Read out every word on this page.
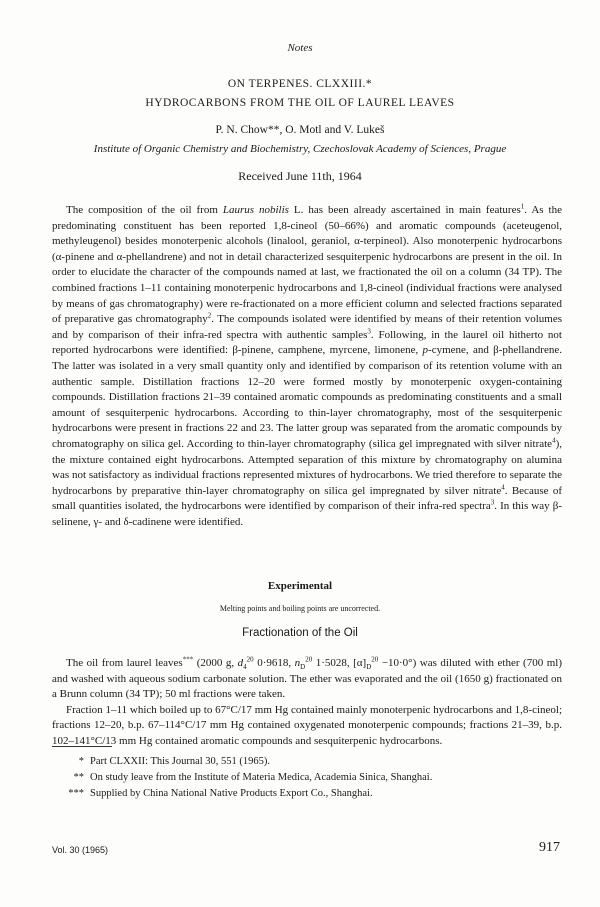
Notes
ON TERPENES. CLXXIII.*
HYDROCARBONS FROM THE OIL OF LAUREL LEAVES
P. N. Chow**, O. Motl and V. Lukeš
Institute of Organic Chemistry and Biochemistry, Czechoslovak Academy of Sciences, Prague
Received June 11th, 1964

The composition of the oil from Laurus nobilis L. has been already ascertained in main features$^1$. As the predominating constituent has been reported 1,8-cineol (50–66%) and aromatic compounds (aceteugenol, methyleugenol) besides monoterpenic alcohols (linalool, geraniol, α-terpineol). Also monoterpenic hydrocarbons (α-pinene and α-phellandrene) and not in detail characterized sesquiterpenic hydrocarbons are present in the oil. In order to elucidate the character of the compounds named at last, we fractionated the oil on a column (34 TP). The combined fractions 1–11 containing monoterpenic hydrocarbons and 1,8-cineol (individual fractions were analysed by means of gas chromatography) were re-fractionated on a more efficient column and selected fractions separated of preparative gas chromatography$^2$. The compounds isolated were identified by means of their retention volumes and by comparison of their infra-red spectra with authentic samples$^3$. Following, in the laurel oil hitherto not reported hydrocarbons were identified: β-pinene, camphene, myrcene, limonene, p-cymene, and β-phellandrene. The latter was isolated in a very small quantity only and identified by comparison of its retention volume with an authentic sample. Distillation fractions 12–20 were formed mostly by monoterpenic oxygen-containing compounds. Distillation fractions 21–39 contained aromatic compounds as predominating constituents and a small amount of sesquiterpenic hydrocarbons. According to thin-layer chromatography, most of the sesquiterpenic hydrocarbons were present in fractions 22 and 23. The latter group was separated from the aromatic compounds by chromatography on silica gel. According to thin-layer chromatography (silica gel impregnated with silver nitrate$^4$), the mixture contained eight hydrocarbons. Attempted separation of this mixture by chromatography on alumina was not satisfactory as individual fractions represented mixtures of hydrocarbons. We tried therefore to separate the hydrocarbons by preparative thin-layer chromatography on silica gel impregnated by silver nitrate$^4$. Because of small quantities isolated, the hydrocarbons were identified by comparison of their infra-red spectra$^3$. In this way β-selinene, γ- and δ-cadinene were identified.

Experimental
Melting points and boiling points are uncorrected.
Fractionation of the Oil

The oil from laurel leaves*** (2000 g, $d_4^{20}$ 0·9618, $n_D^{20}$ 1·5028, $[\alpha]_D^{20} -10\cdot 0^\circ$) was diluted with ether (700 ml) and washed with aqueous sodium carbonate solution. The ether was evaporated and the oil (1650 g) fractionated on a Brunn column (34 TP); 50 ml fractions were taken.

Fraction 1–11 which boiled up to 67°C/17 mm Hg contained mainly monoterpenic hydrocarbons and 1,8-cineol; fractions 12–20, b.p. 67–114°C/17 mm Hg contained oxygenated monoterpenic compounds; fractions 21–39, b.p. 102–141°C/13 mm Hg contained aromatic compounds and sesquiterpenic hydrocarbons.

* Part CLXXII: This Journal 30, 551 (1965).
** On study leave from the Institute of Materia Medica, Academia Sinica, Shanghai.
*** Supplied by China National Native Products Export Co., Shanghai.
Vol. 30 (1965)	917
